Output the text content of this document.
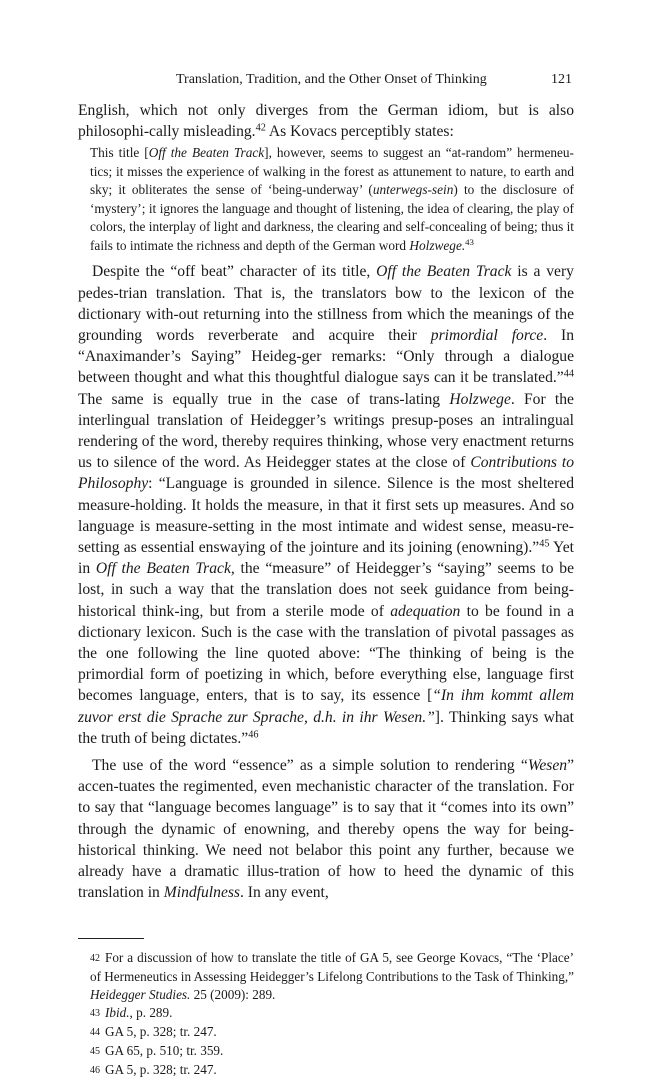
Translation, Tradition, and the Other Onset of Thinking	121

English, which not only diverges from the German idiom, but is also philosophi-cally misleading.$^{42}$ As Kovacs perceptibly states:

This title [Off the Beaten Track], however, seems to suggest an “at-random” hermeneu-tics; it misses the experience of walking in the forest as attunement to nature, to earth and sky; it obliterates the sense of ‘being-underway’ (unterwegs-sein) to the disclosure of ‘mystery’; it ignores the language and thought of listening, the idea of clearing, the play of colors, the interplay of light and darkness, the clearing and self-concealing of being; thus it fails to intimate the richness and depth of the German word Holzwege.$^{43}$

Despite the “off beat” character of its title, Off the Beaten Track is a very pedes-trian translation. That is, the translators bow to the lexicon of the dictionary with-out returning into the stillness from which the meanings of the grounding words reverberate and acquire their primordial force. In “Anaximander’s Saying” Heideg-ger remarks: “Only through a dialogue between thought and what this thoughtful dialogue says can it be translated.”$^{44}$ The same is equally true in the case of trans-lating Holzwege. For the interlingual translation of Heidegger’s writings presup-poses an intralingual rendering of the word, thereby requires thinking, whose very enactment returns us to silence of the word. As Heidegger states at the close of Contributions to Philosophy: “Language is grounded in silence. Silence is the most sheltered measure-holding. It holds the measure, in that it first sets up measures. And so language is measure-setting in the most intimate and widest sense, measu-re-setting as essential enswaying of the jointure and its joining (enowning).”$^{45}$ Yet in Off the Beaten Track, the “measure” of Heidegger’s “saying” seems to be lost, in such a way that the translation does not seek guidance from being-historical think-ing, but from a sterile mode of adequation to be found in a dictionary lexicon. Such is the case with the translation of pivotal passages as the one following the line quoted above: “The thinking of being is the primordial form of poetizing in which, before everything else, language first becomes language, enters, that is to say, its essence [“In ihm kommt allem zuvor erst die Sprache zur Sprache, d.h. in ihr Wesen.”]. Thinking says what the truth of being dictates.”$^{46}$

The use of the word “essence” as a simple solution to rendering “Wesen” accen-tuates the regimented, even mechanistic character of the translation. For to say that “language becomes language” is to say that it “comes into its own” through the dynamic of enowning, and thereby opens the way for being-historical thinking. We need not belabor this point any further, because we already have a dramatic illus-tration of how to heed the dynamic of this translation in Mindfulness. In any event,

42 For a discussion of how to translate the title of GA 5, see George Kovacs, “The ‘Place’ of Hermeneutics in Assessing Heidegger’s Lifelong Contributions to the Task of Thinking,” Heidegger Studies. 25 (2009): 289.

43 Ibid., p. 289.

44 GA 5, p. 328; tr. 247.

45 GA 65, p. 510; tr. 359.

46 GA 5, p. 328; tr. 247.
